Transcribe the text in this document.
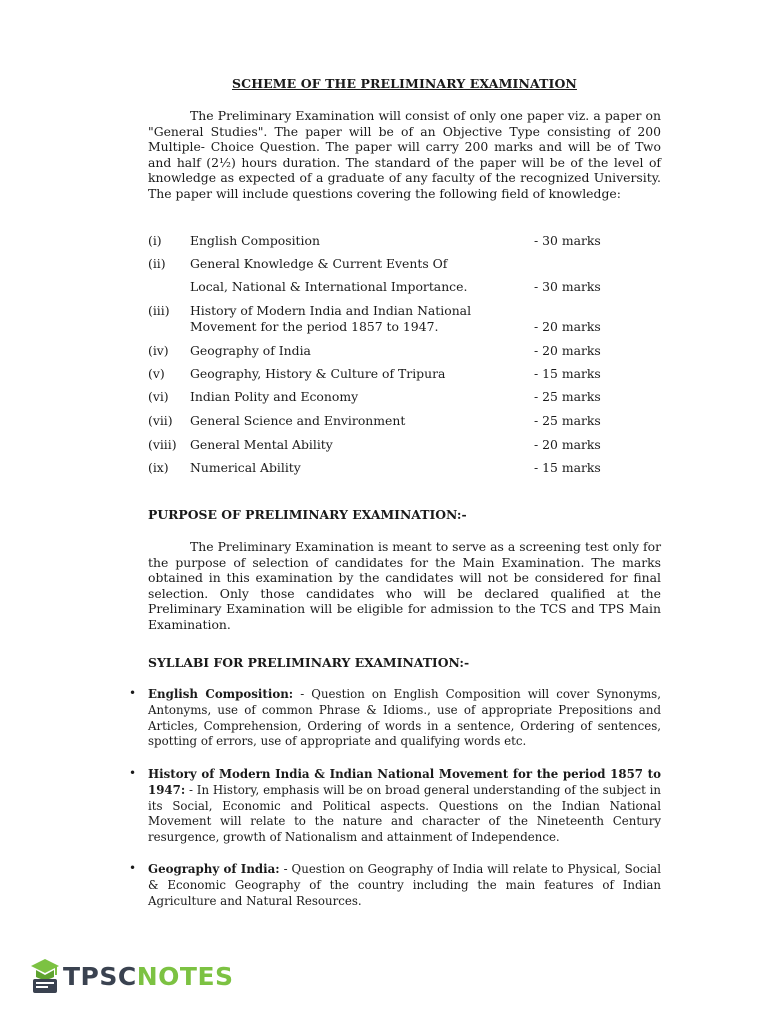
SCHEME OF THE PRELIMINARY EXAMINATION

The Preliminary Examination will consist of only one paper viz. a paper on "General Studies". The paper will be of an Objective Type consisting of 200 Multiple- Choice Question. The paper will carry 200 marks and will be of Two and half (2½) hours duration. The standard of the paper will be of the level of knowledge as expected of a graduate of any faculty of the recognized University. The paper will include questions covering the following field of knowledge:

(i) English Composition	- 30 marks
(ii) General Knowledge & Current Events Of
Local, National & International Importance.	- 30 marks
(iii) History of Modern India and Indian National Movement for the period 1857 to 1947.	- 20 marks
(iv) Geography of India	- 20 marks
(v) Geography, History & Culture of Tripura	- 15 marks
(vi) Indian Polity and Economy	- 25 marks
(vii) General Science and Environment	- 25 marks
(viii) General Mental Ability	- 20 marks
(ix) Numerical Ability	- 15 marks
PURPOSE OF PRELIMINARY EXAMINATION:-

The Preliminary Examination is meant to serve as a screening test only for the purpose of selection of candidates for the Main Examination. The marks obtained in this examination by the candidates will not be considered for final selection. Only those candidates who will be declared qualified at the Preliminary Examination will be eligible for admission to the TCS and TPS Main Examination.

SYLLABI FOR PRELIMINARY EXAMINATION:-

• English Composition: - Question on English Composition will cover Synonyms, Antonyms, use of common Phrase & Idioms., use of appropriate Prepositions and Articles, Comprehension, Ordering of words in a sentence, Ordering of sentences, spotting of errors, use of appropriate and qualifying words etc.

• History of Modern India & Indian National Movement for the period 1857 to 1947: - In History, emphasis will be on broad general understanding of the subject in its Social, Economic and Political aspects. Questions on the Indian National Movement will relate to the nature and character of the Nineteenth Century resurgence, growth of Nationalism and attainment of Independence.

• Geography of India: - Question on Geography of India will relate to Physical, Social & Economic Geography of the country including the main features of Indian Agriculture and Natural Resources.

TPSCNOTES
